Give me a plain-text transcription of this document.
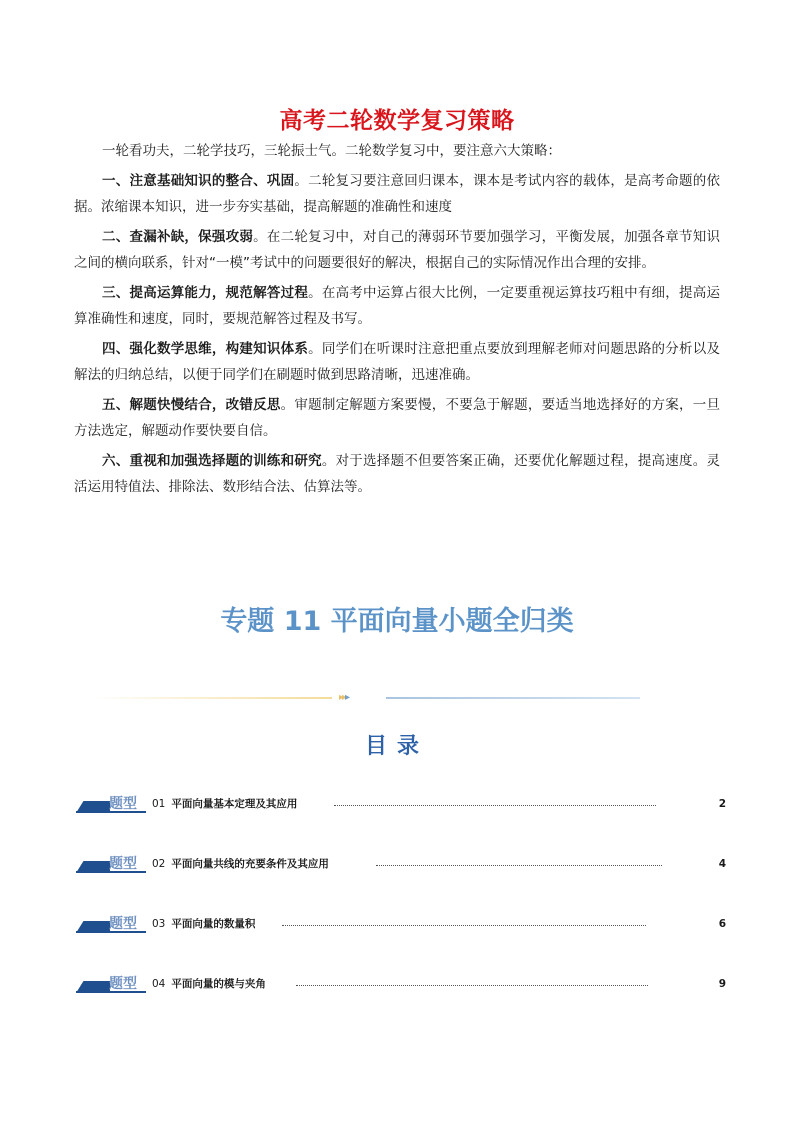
高考二轮数学复习策略

一轮看功夫，二轮学技巧，三轮振士气。二轮数学复习中，要注意六大策略：

一、注意基础知识的整合、巩固。二轮复习要注意回归课本，课本是考试内容的载体，是高考命题的依据。浓缩课本知识，进一步夯实基础，提高解题的准确性和速度

二、查漏补缺，保强攻弱。在二轮复习中，对自己的薄弱环节要加强学习，平衡发展，加强各章节知识之间的横向联系，针对“一模”考试中的问题要很好的解决，根据自己的实际情况作出合理的安排。

三、提高运算能力，规范解答过程。在高考中运算占很大比例，一定要重视运算技巧粗中有细，提高运算准确性和速度，同时，要规范解答过程及书写。

四、强化数学思维，构建知识体系。同学们在听课时注意把重点要放到理解老师对问题思路的分析以及解法的归纳总结，以便于同学们在刷题时做到思路清晰，迅速准确。

五、解题快慢结合，改错反思。审题制定解题方案要慢，不要急于解题，要适当地选择好的方案，一旦方法选定，解题动作要快要自信。

六、重视和加强选择题的训练和研究。对于选择题不但要答案正确，还要优化解题过程，提高速度。灵活运用特值法、排除法、数形结合法、估算法等。

专题 11 平面向量小题全归类
▸▸▸
目录
题型 01 平面向量基本定理及其应用	2
题型 02 平面向量共线的充要条件及其应用	4
题型 03 平面向量的数量积	6
题型 04 平面向量的模与夹角	9
